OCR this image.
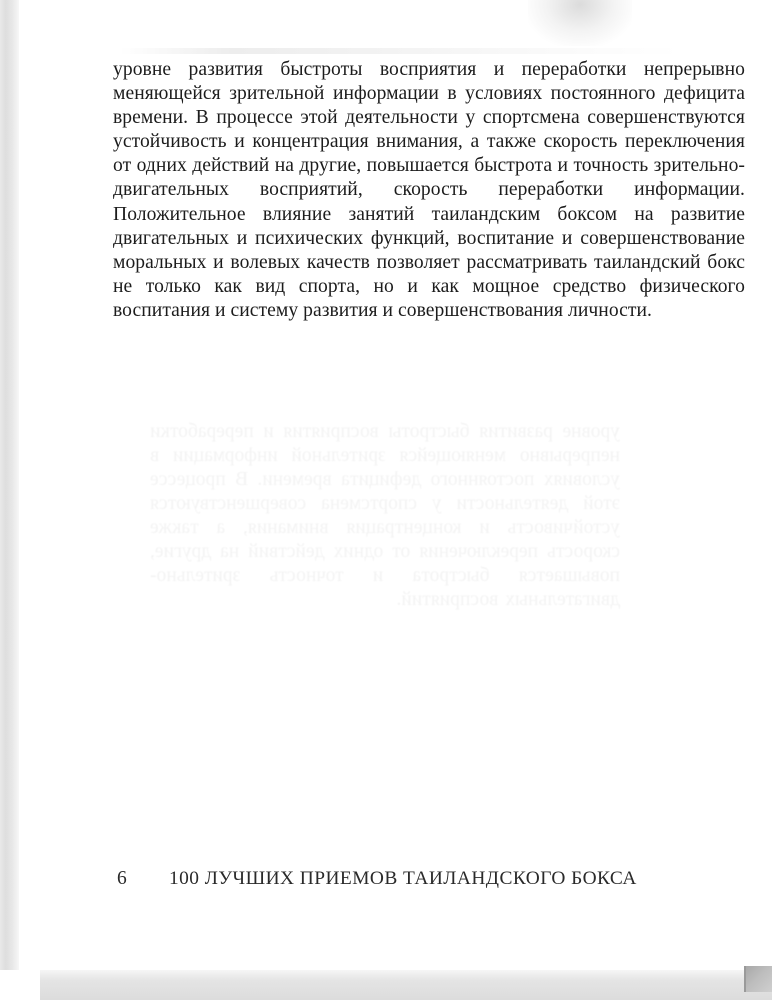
уровне развития быстроты восприятия и переработки непрерывно меняющейся зрительной информации в условиях постоянного дефицита времени. В процессе этой деятельности у спортсмена совершенствуются устойчивость и концентрация внимания, а также скорость переключения от одних действий на другие, повышается быстрота и точность зрительно-двигательных восприятий, скорость переработки информации. Положительное влияние занятий таиландским боксом на развитие двигательных и психических функций, воспитание и совершенствование моральных и волевых качеств позволяет рассматривать таиландский бокс не только как вид спорта, но и как мощное средство физического воспитания и систему развития и совершенствования личности.

уровне развития быстроты восприятия и переработки непрерывно меняющейся зрительной информации в условиях постоянного дефицита времени. В процессе этой деятельности у спортсмена совершенствуются устойчивость и концентрация внимания, а также скорость переключения от одних действий на другие, повышается быстрота и точность зрительно-двигательных восприятий.
6 100 ЛУЧШИХ ПРИЕМОВ ТАИЛАНДСКОГО БОКСА
